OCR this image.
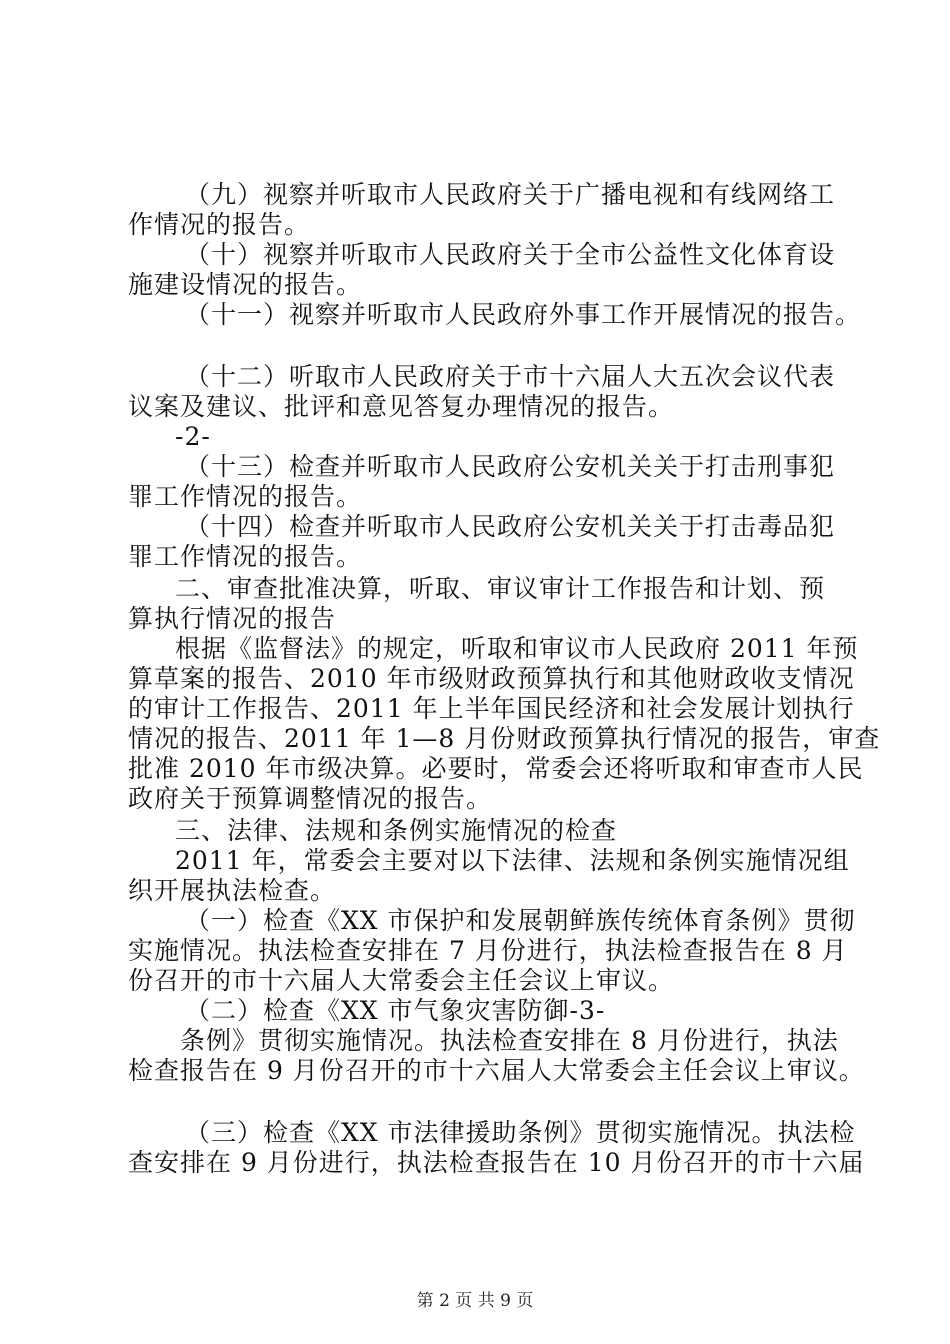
（九）视察并听取市人民政府关于广播电视和有线网络工
作情况的报告。
（十）视察并听取市人民政府关于全市公益性文化体育设
施建设情况的报告。
（十一）视察并听取市人民政府外事工作开展情况的报告。
（十二）听取市人民政府关于市十六届人大五次会议代表
议案及建议、批评和意见答复办理情况的报告。
-2-
（十三）检查并听取市人民政府公安机关关于打击刑事犯
罪工作情况的报告。
（十四）检查并听取市人民政府公安机关关于打击毒品犯
罪工作情况的报告。
二、审查批准决算，听取、审议审计工作报告和计划、预
算执行情况的报告
根据《监督法》的规定，听取和审议市人民政府 2011 年预
算草案的报告、2010 年市级财政预算执行和其他财政收支情况
的审计工作报告、2011 年上半年国民经济和社会发展计划执行
情况的报告、2011 年 1—8 月份财政预算执行情况的报告，审查
批准 2010 年市级决算。必要时，常委会还将听取和审查市人民
政府关于预算调整情况的报告。
三、法律、法规和条例实施情况的检查
2011 年，常委会主要对以下法律、法规和条例实施情况组
织开展执法检查。
（一）检查《XX 市保护和发展朝鲜族传统体育条例》贯彻
实施情况。执法检查安排在 7 月份进行，执法检查报告在 8 月
份召开的市十六届人大常委会主任会议上审议。
（二）检查《XX 市气象灾害防御-3-
条例》贯彻实施情况。执法检查安排在 8 月份进行，执法
检查报告在 9 月份召开的市十六届人大常委会主任会议上审议。
（三）检查《XX 市法律援助条例》贯彻实施情况。执法检
查安排在 9 月份进行，执法检查报告在 10 月份召开的市十六届
第 2 页 共 9 页
